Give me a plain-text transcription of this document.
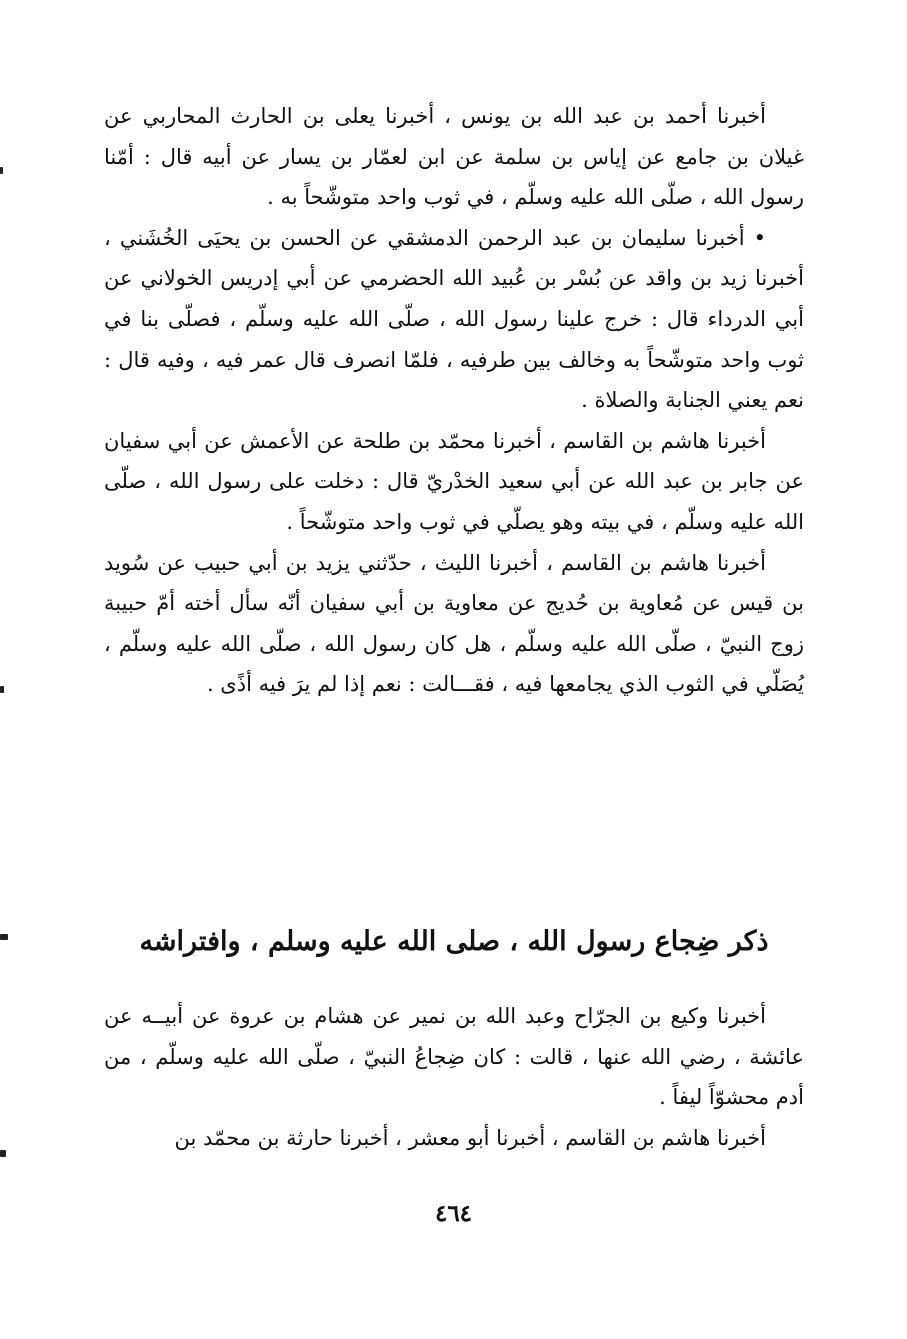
أخبرنا أحمد بن عبد الله بن يونس ، أخبرنا يعلى بن الحارث المحاربي عن غيلان بن جامع عن إياس بن سلمة عن ابن لعمّار بن يسار عن أبيه قال : أمّنا رسول الله ، صلّى الله عليه وسلّم ، في ثوب واحد متوشّحاً به .

• أخبرنا سليمان بن عبد الرحمن الدمشقي عن الحسن بن يحيَى الخُشَني ، أخبرنا زيد بن واقد عن بُسْر بن عُبيد الله الحضرمي عن أبي إدريس الخولاني عن أبي الدرداء قال : خرج علينا رسول الله ، صلّى الله عليه وسلّم ، فصلّى بنا في ثوب واحد متوشّحاً به وخالف بين طرفيه ، فلمّا انصرف قال عمر فيه ، وفيه قال : نعم يعني الجنابة والصلاة .

أخبرنا هاشم بن القاسم ، أخبرنا محمّد بن طلحة عن الأعمش عن أبي سفيان عن جابر بن عبد الله عن أبي سعيد الخدْريّ قال : دخلت على رسول الله ، صلّى الله عليه وسلّم ، في بيته وهو يصلّي في ثوب واحد متوشّحاً .

أخبرنا هاشم بن القاسم ، أخبرنا الليث ، حدّثني يزيد بن أبي حبيب عن سُويد بن قيس عن مُعاوية بن حُديج عن معاوية بن أبي سفيان أنّه سأل أخته أمّ حبيبة زوج النبيّ ، صلّى الله عليه وسلّم ، هل كان رسول الله ، صلّى الله عليه وسلّم ، يُصَلّي في الثوب الذي يجامعها فيه ، فقـــالت : نعم إذا لم يرَ فيه أذًى .

ذكر ضِجاع رسول الله ، صلى الله عليه وسلم ، وافتراشه

أخبرنا وكيع بن الجرّاح وعبد الله بن نمير عن هشام بن عروة عن أبيــه عن عائشة ، رضي الله عنها ، قالت : كان ضِجاعُ النبيّ ، صلّى الله عليه وسلّم ، من أدم محشوّاً ليفاً .

أخبرنا هاشم بن القاسم ، أخبرنا أبو معشر ، أخبرنا حارثة بن محمّد بن

٤٦٤
